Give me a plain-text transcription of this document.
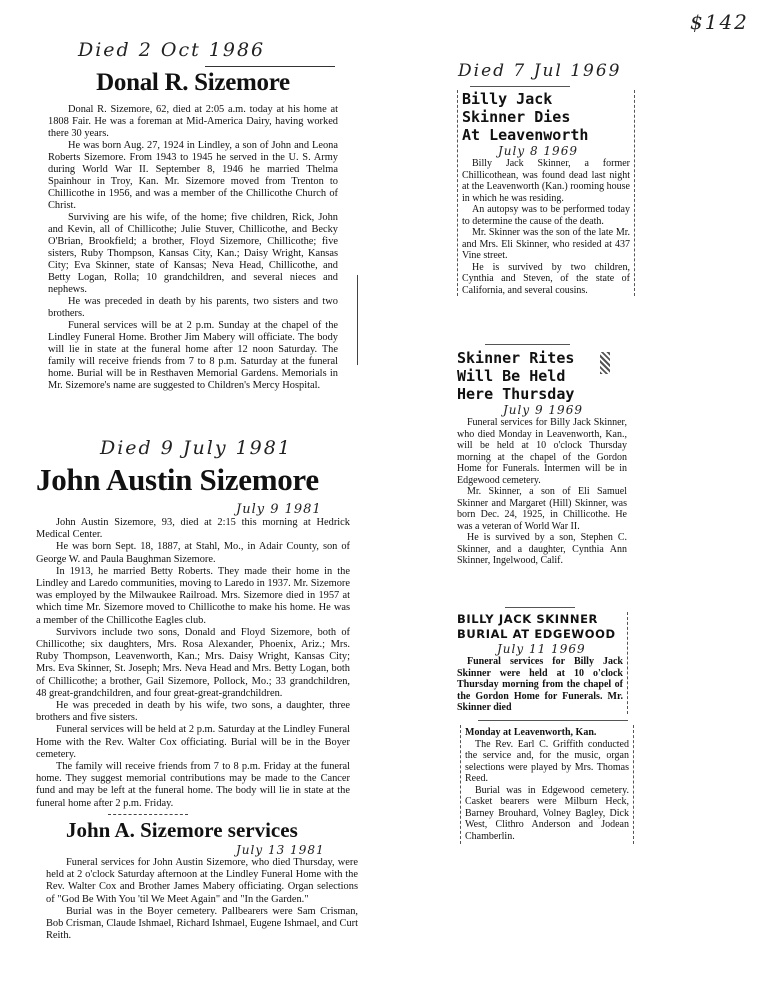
$142
Died 2 Oct 1986
Donal R. Sizemore

Donal R. Sizemore, 62, died at 2:05 a.m. today at his home at 1808 Fair. He was a foreman at Mid-America Dairy, having worked there 30 years.

He was born Aug. 27, 1924 in Lindley, a son of John and Leona Roberts Sizemore. From 1943 to 1945 he served in the U. S. Army during World War II. September 8, 1946 he married Thelma Spainhour in Troy, Kan. Mr. Sizemore moved from Trenton to Chillicothe in 1956, and was a member of the Chillicothe Church of Christ.

Surviving are his wife, of the home; five children, Rick, John and Kevin, all of Chillicothe; Julie Stuver, Chillicothe, and Becky O'Brian, Brookfield; a brother, Floyd Sizemore, Chillicothe; five sisters, Ruby Thompson, Kansas City, Kan.; Daisy Wright, Kansas City; Eva Skinner, state of Kansas; Neva Head, Chillicothe, and Betty Logan, Rolla; 10 grandchildren, and several nieces and nephews.

He was preceded in death by his parents, two sisters and two brothers.

Funeral services will be at 2 p.m. Sunday at the chapel of the Lindley Funeral Home. Brother Jim Mabery will officiate. The body will lie in state at the funeral home after 12 noon Saturday. The family will receive friends from 7 to 8 p.m. Saturday at the funeral home. Burial will be in Resthaven Memorial Gardens. Memorials in Mr. Sizemore's name are suggested to Children's Mercy Hospital.

Died 9 July 1981
John Austin Sizemore
July 9 1981

John Austin Sizemore, 93, died at 2:15 this morning at Hedrick Medical Center.

He was born Sept. 18, 1887, at Stahl, Mo., in Adair County, son of George W. and Paula Baughman Sizemore.

In 1913, he married Betty Roberts. They made their home in the Lindley and Laredo communities, moving to Laredo in 1937. Mr. Sizemore was employed by the Milwaukee Railroad. Mrs. Sizemore died in 1957 at which time Mr. Sizemore moved to Chillicothe to make his home. He was a member of the Chillicothe Eagles club.

Survivors include two sons, Donald and Floyd Sizemore, both of Chillicothe; six daughters, Mrs. Rosa Alexander, Phoenix, Ariz.; Mrs. Ruby Thompson, Leavenworth, Kan.; Mrs. Daisy Wright, Kansas City; Mrs. Eva Skinner, St. Joseph; Mrs. Neva Head and Mrs. Betty Logan, both of Chillicothe; a brother, Gail Sizemore, Pollock, Mo.; 33 grandchildren, 48 great-grandchildren, and four great-great-grandchildren.

He was preceded in death by his wife, two sons, a daughter, three brothers and five sisters.

Funeral services will be held at 2 p.m. Saturday at the Lindley Funeral Home with the Rev. Walter Cox officiating. Burial will be in the Boyer cemetery.

The family will receive friends from 7 to 8 p.m. Friday at the funeral home. They suggest memorial contributions may be made to the Cancer fund and may be left at the funeral home. The body will lie in state at the funeral home after 2 p.m. Friday.

John A. Sizemore services
July 13 1981

Funeral services for John Austin Sizemore, who died Thursday, were held at 2 o'clock Saturday afternoon at the Lindley Funeral Home with the Rev. Walter Cox and Brother James Mabery officiating. Organ selections of "God Be With You 'til We Meet Again" and "In the Garden."

Burial was in the Boyer cemetery. Pallbearers were Sam Crisman, Bob Crisman, Claude Ishmael, Richard Ishmael, Eugene Ishmael, and Curt Reith.

Died 7 Jul 1969
Billy Jack
Skinner Dies
At Leavenworth
July 8 1969

Billy Jack Skinner, a former Chillicothean, was found dead last night at the Leavenworth (Kan.) rooming house in which he was residing.

An autopsy was to be performed today to determine the cause of the death.

Mr. Skinner was the son of the late Mr. and Mrs. Eli Skinner, who resided at 437 Vine street.

He is survived by two children, Cynthia and Steven, of the state of California, and several cousins.

Skinner Rites
Will Be Held
Here Thursday
July 9 1969

Funeral services for Billy Jack Skinner, who died Monday in Leavenworth, Kan., will be held at 10 o'clock Thursday morning at the chapel of the Gordon Home for Funerals. Intermen will be in Edgewood cemetery.

Mr. Skinner, a son of Eli Samuel Skinner and Margaret (Hill) Skinner, was born Dec. 24, 1925, in Chillicothe. He was a veteran of World War II.

He is survived by a son, Stephen C. Skinner, and a daughter, Cynthia Ann Skinner, Ingelwood, Calif.

BILLY JACK SKINNER
BURIAL AT EDGEWOOD
July 11 1969

Funeral services for Billy Jack Skinner were held at 10 o'clock Thursday morning from the chapel of the Gordon Home for Funerals. Mr. Skinner died

Monday at Leavenworth, Kan.

The Rev. Earl C. Griffith conducted the service and, for the music, organ selections were played by Mrs. Thomas Reed.

Burial was in Edgewood cemetery. Casket bearers were Milburn Heck, Barney Brouhard, Volney Bagley, Dick West, Clithro Anderson and Jodean Chamberlin.
